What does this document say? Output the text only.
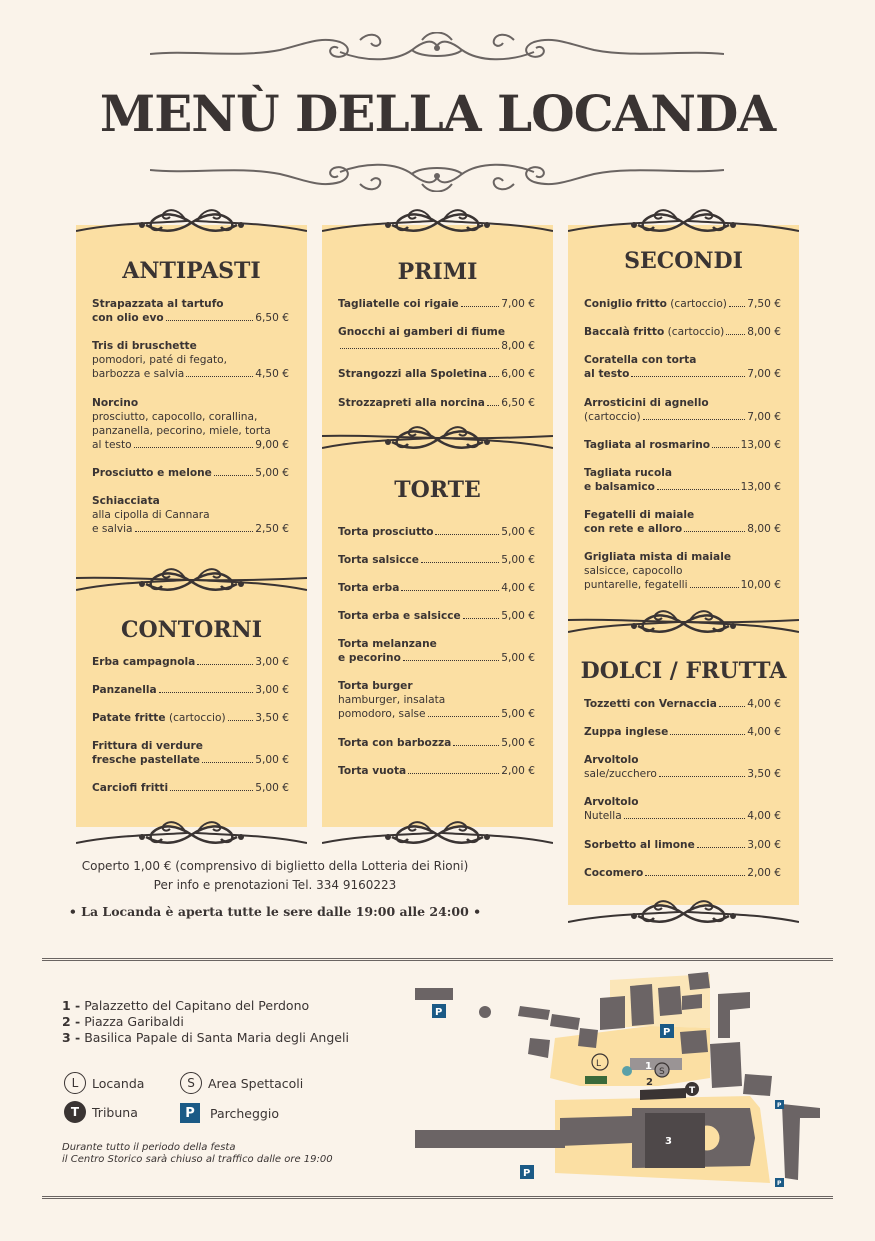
MENÙ DELLA LOCANDA
ANTIPASTI
Strapazzata al tartufo
con olio evo	6,50 €
Tris di bruschette
pomodori, paté di fegato,
barbozza e salvia	4,50 €
Norcino
prosciutto, capocollo, corallina,
panzanella, pecorino, miele, torta
al testo	9,00 €
Prosciutto e melone	5,00 €
Schiacciata
alla cipolla di Cannara
e salvia	2,50 €
CONTORNI
Erba campagnola	3,00 €
Panzanella	3,00 €
Patate fritte
(cartoccio)	3,50 €
Frittura di verdure
fresche pastellate	5,00 €
Carciofi fritti	5,00 €
PRIMI
Tagliatelle coi rigaie	7,00 €
Gnocchi ai gamberi di fiume
8,00 €
Strangozzi alla Spoletina 6,00 €
Strozzapreti alla norcina 6,50 €
TORTE
Torta prosciutto	5,00 €
Torta salsicce	5,00 €
Torta erba	4,00 €
Torta erba e salsicce	5,00 €
Torta melanzane
e pecorino	5,00 €
Torta burger
hamburger, insalata
pomodoro, salse	5,00 €
Torta con barbozza	5,00 €
Torta vuota	2,00 €
SECONDI
Coniglio fritto
(cartoccio) 7,50 €
Baccalà fritto
(cartoccio) 8,00 €
Coratella con torta
al testo	7,00 €
Arrosticini di agnello
(cartoccio)	7,00 €
Tagliata al rosmarino	13,00 €
Tagliata rucola
e balsamico	13,00 €
Fegatelli di maiale
con rete e alloro	8,00 €
Grigliata mista di maiale
salsicce, capocollo
puntarelle, fegatelli	10,00 €
DOLCI / FRUTTA
Tozzetti con Vernaccia	4,00 €
Zuppa inglese	4,00 €
Arvoltolo
sale/zucchero	3,50 €
Arvoltolo
Nutella	4,00 €
Sorbetto al limone	3,00 €
Cocomero	2,00 €
Coperto 1,00 € (comprensivo di biglietto della Lotteria dei Rioni)
Per info e prenotazioni Tel. 334 9160223
• La Locanda è aperta tutte le sere dalle 19:00 alle 24:00 •
1 - Palazzetto del Capitano del Perdono
2 - Piazza Garibaldi
3 - Basilica Papale di Santa Maria degli Angeli
L	Locanda	S	Area Spettacoli
T	Tribuna	P	Parcheggio
Durante tutto il periodo della festa
il Centro Storico sarà chiuso al traffico dalle ore 19:00
3
L
S
1
2
T
P
P
P
P
P
